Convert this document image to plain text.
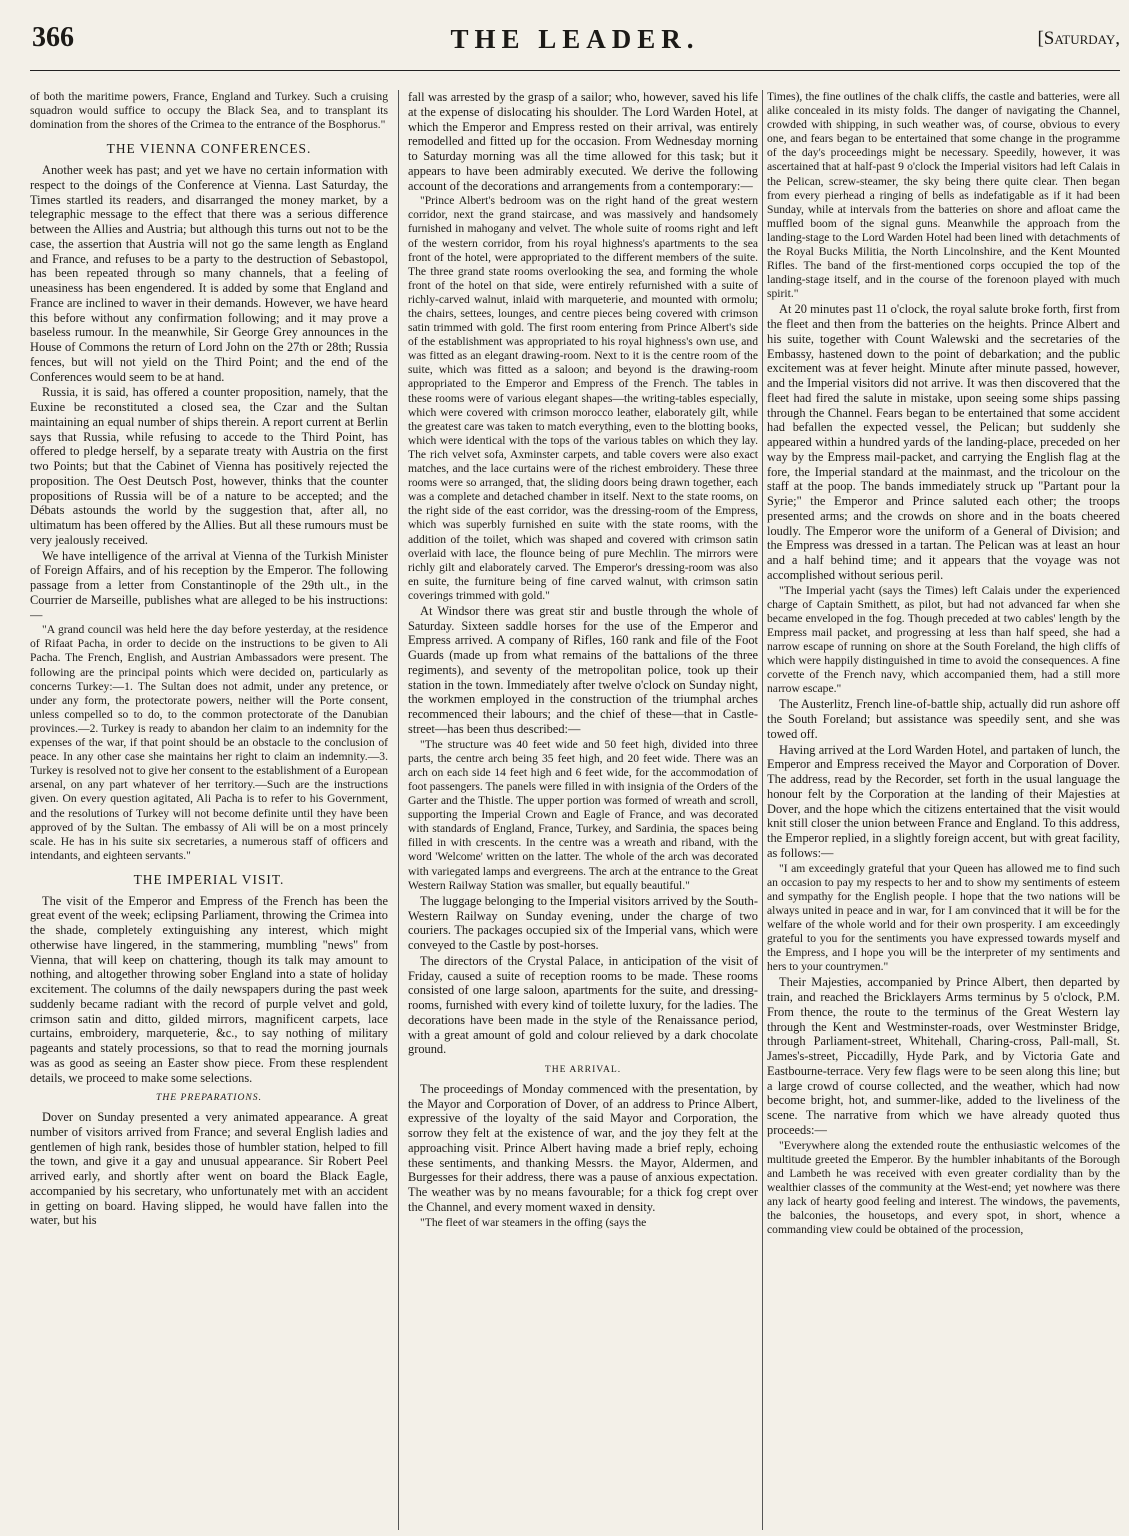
366	THE LEADER.	[Saturday,

of both the maritime powers, France, England and Turkey. Such a cruising squadron would suffice to occupy the Black Sea, and to transplant its domination from the shores of the Crimea to the entrance of the Bosphorus."

THE VIENNA CONFERENCES.

Another week has past; and yet we have no certain information with respect to the doings of the Conference at Vienna. Last Saturday, the Times startled its readers, and disarranged the money market, by a telegraphic message to the effect that there was a serious difference between the Allies and Austria; but although this turns out not to be the case, the assertion that Austria will not go the same length as England and France, and refuses to be a party to the destruction of Sebastopol, has been repeated through so many channels, that a feeling of uneasiness has been engendered. It is added by some that England and France are inclined to waver in their demands. However, we have heard this before without any confirmation following; and it may prove a baseless rumour. In the meanwhile, Sir George Grey announces in the House of Commons the return of Lord John on the 27th or 28th; Russia fences, but will not yield on the Third Point; and the end of the Conferences would seem to be at hand.

Russia, it is said, has offered a counter proposition, namely, that the Euxine be reconstituted a closed sea, the Czar and the Sultan maintaining an equal number of ships therein. A report current at Berlin says that Russia, while refusing to accede to the Third Point, has offered to pledge herself, by a separate treaty with Austria on the first two Points; but that the Cabinet of Vienna has positively rejected the proposition. The Oest Deutsch Post, however, thinks that the counter propositions of Russia will be of a nature to be accepted; and the Débats astounds the world by the suggestion that, after all, no ultimatum has been offered by the Allies. But all these rumours must be very jealously received.

We have intelligence of the arrival at Vienna of the Turkish Minister of Foreign Affairs, and of his reception by the Emperor. The following passage from a letter from Constantinople of the 29th ult., in the Courrier de Marseille, publishes what are alleged to be his instructions:—

"A grand council was held here the day before yesterday, at the residence of Rifaat Pacha, in order to decide on the instructions to be given to Ali Pacha. The French, English, and Austrian Ambassadors were present. The following are the principal points which were decided on, particularly as concerns Turkey:—1. The Sultan does not admit, under any pretence, or under any form, the protectorate powers, neither will the Porte consent, unless compelled so to do, to the common protectorate of the Danubian provinces.—2. Turkey is ready to abandon her claim to an indemnity for the expenses of the war, if that point should be an obstacle to the conclusion of peace. In any other case she maintains her right to claim an indemnity.—3. Turkey is resolved not to give her consent to the establishment of a European arsenal, on any part whatever of her territory.—Such are the instructions given. On every question agitated, Ali Pacha is to refer to his Government, and the resolutions of Turkey will not become definite until they have been approved of by the Sultan. The embassy of Ali will be on a most princely scale. He has in his suite six secretaries, a numerous staff of officers and intendants, and eighteen servants."

THE IMPERIAL VISIT.

The visit of the Emperor and Empress of the French has been the great event of the week; eclipsing Parliament, throwing the Crimea into the shade, completely extinguishing any interest, which might otherwise have lingered, in the stammering, mumbling "news" from Vienna, that will keep on chattering, though its talk may amount to nothing, and altogether throwing sober England into a state of holiday excitement. The columns of the daily newspapers during the past week suddenly became radiant with the record of purple velvet and gold, crimson satin and ditto, gilded mirrors, magnificent carpets, lace curtains, embroidery, marqueterie, &c., to say nothing of military pageants and stately processions, so that to read the morning journals was as good as seeing an Easter show piece. From these resplendent details, we proceed to make some selections.

THE PREPARATIONS.

Dover on Sunday presented a very animated appearance. A great number of visitors arrived from France; and several English ladies and gentlemen of high rank, besides those of humbler station, helped to fill the town, and give it a gay and unusual appearance. Sir Robert Peel arrived early, and shortly after went on board the Black Eagle, accompanied by his secretary, who unfortunately met with an accident in getting on board. Having slipped, he would have fallen into the water, but his

fall was arrested by the grasp of a sailor; who, however, saved his life at the expense of dislocating his shoulder. The Lord Warden Hotel, at which the Emperor and Empress rested on their arrival, was entirely remodelled and fitted up for the occasion. From Wednesday morning to Saturday morning was all the time allowed for this task; but it appears to have been admirably executed. We derive the following account of the decorations and arrangements from a contemporary:—

"Prince Albert's bedroom was on the right hand of the great western corridor, next the grand staircase, and was massively and handsomely furnished in mahogany and velvet. The whole suite of rooms right and left of the western corridor, from his royal highness's apartments to the sea front of the hotel, were appropriated to the different members of the suite. The three grand state rooms overlooking the sea, and forming the whole front of the hotel on that side, were entirely refurnished with a suite of richly-carved walnut, inlaid with marqueterie, and mounted with ormolu; the chairs, settees, lounges, and centre pieces being covered with crimson satin trimmed with gold. The first room entering from Prince Albert's side of the establishment was appropriated to his royal highness's own use, and was fitted as an elegant drawing-room. Next to it is the centre room of the suite, which was fitted as a saloon; and beyond is the drawing-room appropriated to the Emperor and Empress of the French. The tables in these rooms were of various elegant shapes—the writing-tables especially, which were covered with crimson morocco leather, elaborately gilt, while the greatest care was taken to match everything, even to the blotting books, which were identical with the tops of the various tables on which they lay. The rich velvet sofa, Axminster carpets, and table covers were also exact matches, and the lace curtains were of the richest embroidery. These three rooms were so arranged, that, the sliding doors being drawn together, each was a complete and detached chamber in itself. Next to the state rooms, on the right side of the east corridor, was the dressing-room of the Empress, which was superbly furnished en suite with the state rooms, with the addition of the toilet, which was shaped and covered with crimson satin overlaid with lace, the flounce being of pure Mechlin. The mirrors were richly gilt and elaborately carved. The Emperor's dressing-room was also en suite, the furniture being of fine carved walnut, with crimson satin coverings trimmed with gold."

At Windsor there was great stir and bustle through the whole of Saturday. Sixteen saddle horses for the use of the Emperor and Empress arrived. A company of Rifles, 160 rank and file of the Foot Guards (made up from what remains of the battalions of the three regiments), and seventy of the metropolitan police, took up their station in the town. Immediately after twelve o'clock on Sunday night, the workmen employed in the construction of the triumphal arches recommenced their labours; and the chief of these—that in Castle-street—has been thus described:—

"The structure was 40 feet wide and 50 feet high, divided into three parts, the centre arch being 35 feet high, and 20 feet wide. There was an arch on each side 14 feet high and 6 feet wide, for the accommodation of foot passengers. The panels were filled in with insignia of the Orders of the Garter and the Thistle. The upper portion was formed of wreath and scroll, supporting the Imperial Crown and Eagle of France, and was decorated with standards of England, France, Turkey, and Sardinia, the spaces being filled in with crescents. In the centre was a wreath and riband, with the word 'Welcome' written on the latter. The whole of the arch was decorated with variegated lamps and evergreens. The arch at the entrance to the Great Western Railway Station was smaller, but equally beautiful."

The luggage belonging to the Imperial visitors arrived by the South-Western Railway on Sunday evening, under the charge of two couriers. The packages occupied six of the Imperial vans, which were conveyed to the Castle by post-horses.

The directors of the Crystal Palace, in anticipation of the visit of Friday, caused a suite of reception rooms to be made. These rooms consisted of one large saloon, apartments for the suite, and dressing-rooms, furnished with every kind of toilette luxury, for the ladies. The decorations have been made in the style of the Renaissance period, with a great amount of gold and colour relieved by a dark chocolate ground.

THE ARRIVAL.

The proceedings of Monday commenced with the presentation, by the Mayor and Corporation of Dover, of an address to Prince Albert, expressive of the loyalty of the said Mayor and Corporation, the sorrow they felt at the existence of war, and the joy they felt at the approaching visit. Prince Albert having made a brief reply, echoing these sentiments, and thanking Messrs. the Mayor, Aldermen, and Burgesses for their address, there was a pause of anxious expectation. The weather was by no means favourable; for a thick fog crept over the Channel, and every moment waxed in density.

"The fleet of war steamers in the offing (says the

Times), the fine outlines of the chalk cliffs, the castle and batteries, were all alike concealed in its misty folds. The danger of navigating the Channel, crowded with shipping, in such weather was, of course, obvious to every one, and fears began to be entertained that some change in the programme of the day's proceedings might be necessary. Speedily, however, it was ascertained that at half-past 9 o'clock the Imperial visitors had left Calais in the Pelican, screw-steamer, the sky being there quite clear. Then began from every pierhead a ringing of bells as indefatigable as if it had been Sunday, while at intervals from the batteries on shore and afloat came the muffled boom of the signal guns. Meanwhile the approach from the landing-stage to the Lord Warden Hotel had been lined with detachments of the Royal Bucks Militia, the North Lincolnshire, and the Kent Mounted Rifles. The band of the first-mentioned corps occupied the top of the landing-stage itself, and in the course of the forenoon played with much spirit."

At 20 minutes past 11 o'clock, the royal salute broke forth, first from the fleet and then from the batteries on the heights. Prince Albert and his suite, together with Count Walewski and the secretaries of the Embassy, hastened down to the point of debarkation; and the public excitement was at fever height. Minute after minute passed, however, and the Imperial visitors did not arrive. It was then discovered that the fleet had fired the salute in mistake, upon seeing some ships passing through the Channel. Fears began to be entertained that some accident had befallen the expected vessel, the Pelican; but suddenly she appeared within a hundred yards of the landing-place, preceded on her way by the Empress mail-packet, and carrying the English flag at the fore, the Imperial standard at the mainmast, and the tricolour on the staff at the poop. The bands immediately struck up "Partant pour la Syrie;" the Emperor and Prince saluted each other; the troops presented arms; and the crowds on shore and in the boats cheered loudly. The Emperor wore the uniform of a General of Division; and the Empress was dressed in a tartan. The Pelican was at least an hour and a half behind time; and it appears that the voyage was not accomplished without serious peril.

"The Imperial yacht (says the Times) left Calais under the experienced charge of Captain Smithett, as pilot, but had not advanced far when she became enveloped in the fog. Though preceded at two cables' length by the Empress mail packet, and progressing at less than half speed, she had a narrow escape of running on shore at the South Foreland, the high cliffs of which were happily distinguished in time to avoid the consequences. A fine corvette of the French navy, which accompanied them, had a still more narrow escape."

The Austerlitz, French line-of-battle ship, actually did run ashore off the South Foreland; but assistance was speedily sent, and she was towed off.

Having arrived at the Lord Warden Hotel, and partaken of lunch, the Emperor and Empress received the Mayor and Corporation of Dover. The address, read by the Recorder, set forth in the usual language the honour felt by the Corporation at the landing of their Majesties at Dover, and the hope which the citizens entertained that the visit would knit still closer the union between France and England. To this address, the Emperor replied, in a slightly foreign accent, but with great facility, as follows:—

"I am exceedingly grateful that your Queen has allowed me to find such an occasion to pay my respects to her and to show my sentiments of esteem and sympathy for the English people. I hope that the two nations will be always united in peace and in war, for I am convinced that it will be for the welfare of the whole world and for their own prosperity. I am exceedingly grateful to you for the sentiments you have expressed towards myself and the Empress, and I hope you will be the interpreter of my sentiments and hers to your countrymen."

Their Majesties, accompanied by Prince Albert, then departed by train, and reached the Bricklayers Arms terminus by 5 o'clock, P.M. From thence, the route to the terminus of the Great Western lay through the Kent and Westminster-roads, over Westminster Bridge, through Parliament-street, Whitehall, Charing-cross, Pall-mall, St. James's-street, Piccadilly, Hyde Park, and by Victoria Gate and Eastbourne-terrace. Very few flags were to be seen along this line; but a large crowd of course collected, and the weather, which had now become bright, hot, and summer-like, added to the liveliness of the scene. The narrative from which we have already quoted thus proceeds:—

"Everywhere along the extended route the enthusiastic welcomes of the multitude greeted the Emperor. By the humbler inhabitants of the Borough and Lambeth he was received with even greater cordiality than by the wealthier classes of the community at the West-end; yet nowhere was there any lack of hearty good feeling and interest. The windows, the pavements, the balconies, the housetops, and every spot, in short, whence a commanding view could be obtained of the procession,
